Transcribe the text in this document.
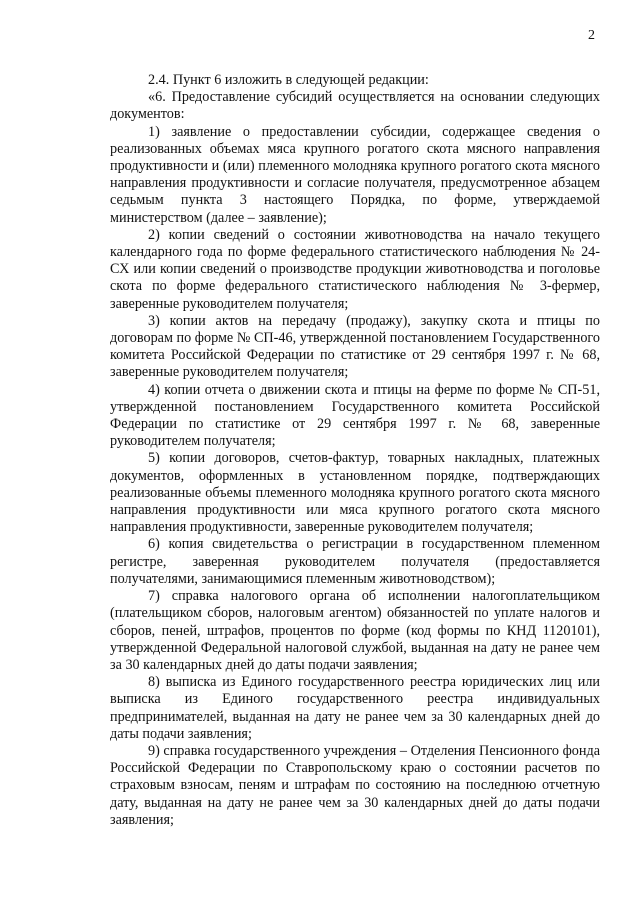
2

2.4. Пункт 6 изложить в следующей редакции:

«6. Предоставление субсидий осуществляется на основании следующих документов:

1) заявление о предоставлении субсидии, содержащее сведения о реализованных объемах мяса крупного рогатого скота мясного направления продуктивности и (или) племенного молодняка крупного рогатого скота мясного направления продуктивности и согласие получателя, предусмотренное абзацем седьмым пункта 3 настоящего Порядка, по форме, утверждаемой министерством (далее – заявление);

2) копии сведений о состоянии животноводства на начало текущего календарного года по форме федерального статистического наблюдения № 24-СХ или копии сведений о производстве продукции животноводства и поголовье скота по форме федерального статистического наблюдения № 3-фермер, заверенные руководителем получателя;

3) копии актов на передачу (продажу), закупку скота и птицы по договорам по форме № СП-46, утвержденной постановлением Государственного комитета Российской Федерации по статистике от 29 сентября 1997 г. № 68, заверенные руководителем получателя;

4) копии отчета о движении скота и птицы на ферме по форме № СП-51, утвержденной постановлением Государственного комитета Российской Федерации по статистике от 29 сентября 1997 г. № 68, заверенные руководителем получателя;

5) копии договоров, счетов-фактур, товарных накладных, платежных документов, оформленных в установленном порядке, подтверждающих реализованные объемы племенного молодняка крупного рогатого скота мясного направления продуктивности или мяса крупного рогатого скота мясного направления продуктивности, заверенные руководителем получателя;

6) копия свидетельства о регистрации в государственном племенном регистре, заверенная руководителем получателя (предоставляется получателями, занимающимися племенным животноводством);

7) справка налогового органа об исполнении налогоплательщиком (плательщиком сборов, налоговым агентом) обязанностей по уплате налогов и сборов, пеней, штрафов, процентов по форме (код формы по КНД 1120101), утвержденной Федеральной налоговой службой, выданная на дату не ранее чем за 30 календарных дней до даты подачи заявления;

8) выписка из Единого государственного реестра юридических лиц или выписка из Единого государственного реестра индивидуальных предпринимателей, выданная на дату не ранее чем за 30 календарных дней до даты подачи заявления;

9) справка государственного учреждения – Отделения Пенсионного фонда Российской Федерации по Ставропольскому краю о состоянии расчетов по страховым взносам, пеням и штрафам по состоянию на последнюю отчетную дату, выданная на дату не ранее чем за 30 календарных дней до даты подачи заявления;
